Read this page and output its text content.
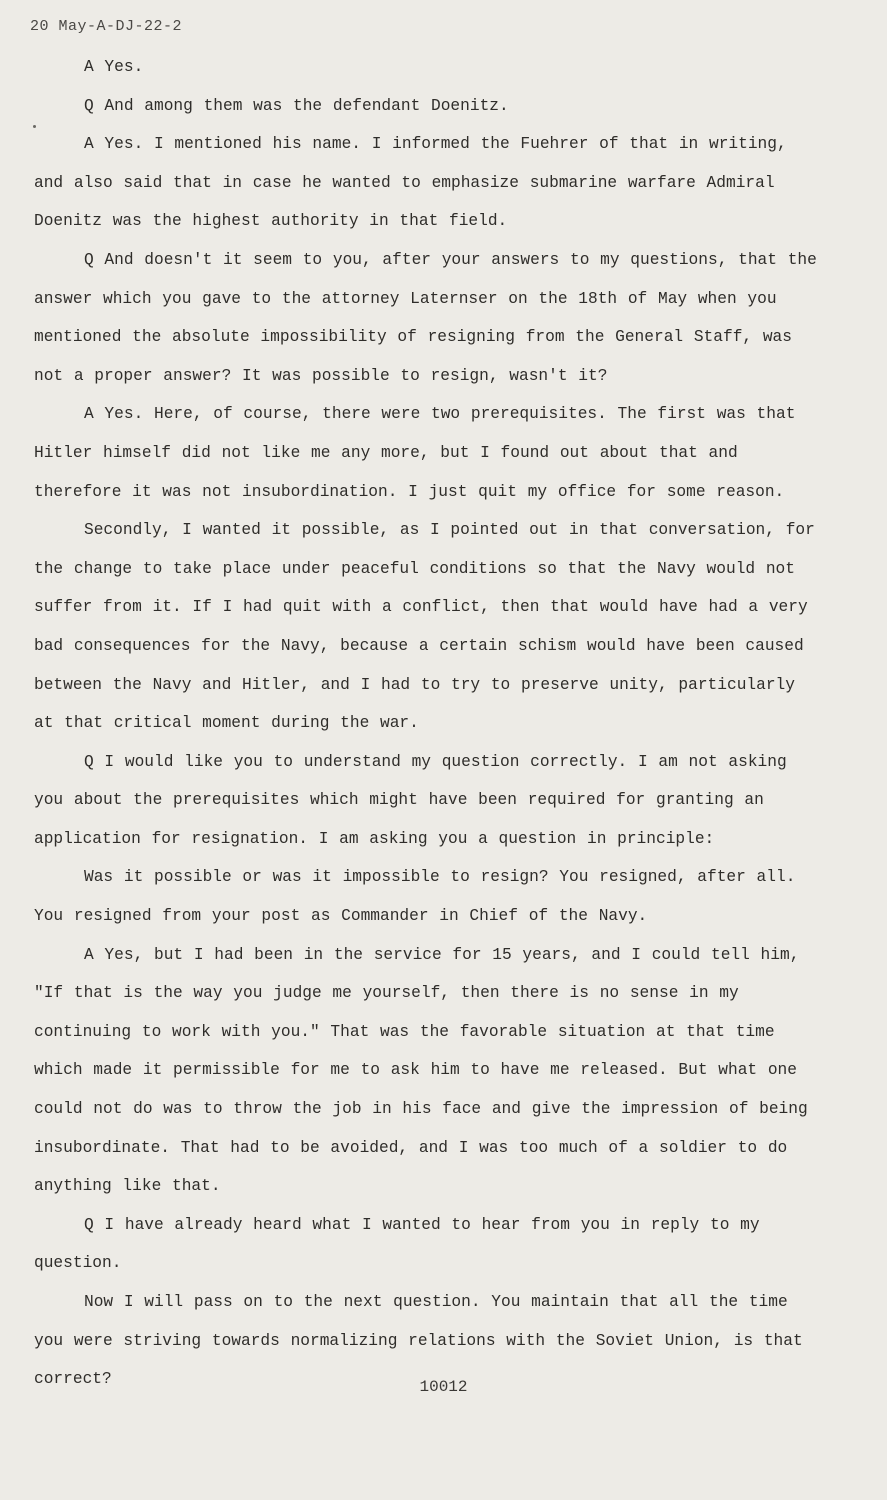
20 May-A-DJ-22-2

A Yes.

Q And among them was the defendant Doenitz.

A Yes. I mentioned his name. I informed the Fuehrer of that in writing, and also said that in case he wanted to emphasize submarine warfare Admiral Doenitz was the highest authority in that field.

Q And doesn't it seem to you, after your answers to my questions, that the answer which you gave to the attorney Laternser on the 18th of May when you mentioned the absolute impossibility of resigning from the General Staff, was not a proper answer? It was possible to resign, wasn't it?

A Yes. Here, of course, there were two prerequisites. The first was that Hitler himself did not like me any more, but I found out about that and therefore it was not insubordination. I just quit my office for some reason.

Secondly, I wanted it possible, as I pointed out in that conversation, for the change to take place under peaceful conditions so that the Navy would not suffer from it. If I had quit with a conflict, then that would have had a very bad consequences for the Navy, because a certain schism would have been caused between the Navy and Hitler, and I had to try to preserve unity, particularly at that critical moment during the war.

Q I would like you to understand my question correctly. I am not asking you about the prerequisites which might have been required for granting an application for resignation. I am asking you a question in principle:

Was it possible or was it impossible to resign? You resigned, after all. You resigned from your post as Commander in Chief of the Navy.

A Yes, but I had been in the service for 15 years, and I could tell him, "If that is the way you judge me yourself, then there is no sense in my continuing to work with you." That was the favorable situation at that time which made it permissible for me to ask him to have me released. But what one could not do was to throw the job in his face and give the impression of being insubordinate. That had to be avoided, and I was too much of a soldier to do anything like that.

Q I have already heard what I wanted to hear from you in reply to my question.

Now I will pass on to the next question. You maintain that all the time you were striving towards normalizing relations with the Soviet Union, is that correct?	10012
